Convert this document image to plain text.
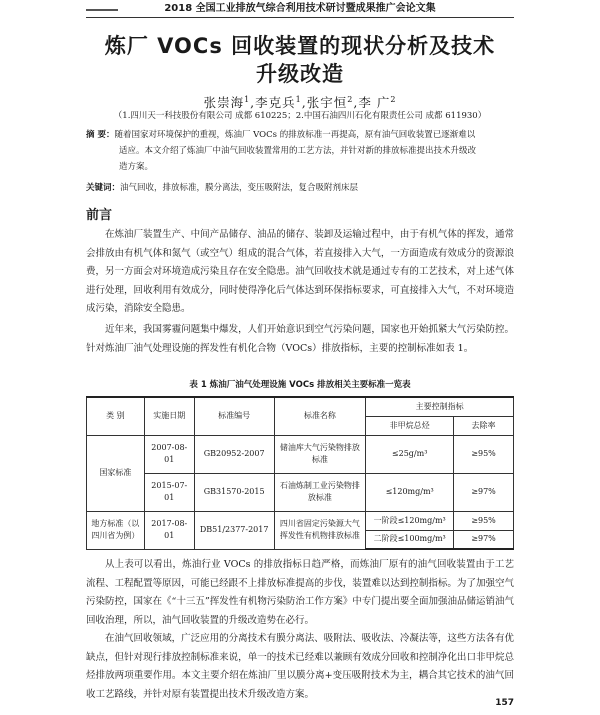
2018 全国工业排放气综合利用技术研讨暨成果推广会论文集
炼厂 VOCs 回收装置的现状分析及技术
升级改造
张崇海$^1$,李克兵$^1$,张宇恒$^2$,李 广$^2$
（1.四川天一科技股份有限公司 成都 610225；2.中国石油四川石化有限责任公司 成都 611930）
摘 要：随着国家对环境保护的重视，炼油厂 VOCs 的排放标准一再提高，原有油气回收装置已逐渐难以
适应。本文介绍了炼油厂中油气回收装置常用的工艺方法，并针对新的排放标准提出技术升级改
造方案。
关键词：油气回收，排放标准，膜分离法，变压吸附法，复合吸附剂床层
前言

在炼油厂装置生产、中间产品储存、油品的储存、装卸及运输过程中，由于有机气体的挥发，通常会排放由有机气体和氮气（或空气）组成的混合气体，若直接排入大气，一方面造成有效成分的资源浪费，另一方面会对环境造成污染且存在安全隐患。油气回收技术就是通过专有的工艺技术，对上述气体进行处理，回收利用有效成分，同时使得净化后气体达到环保指标要求，可直接排入大气，不对环境造成污染，消除安全隐患。

近年来，我国雾霾问题集中爆发，人们开始意识到空气污染问题，国家也开始抓紧大气污染防控。针对炼油厂油气处理设施的挥发性有机化合物（VOCs）排放指标，主要的控制标准如表 1。

表 1 炼油厂油气处理设施 VOCs 排放相关主要标准一览表
类 别	实施日期	标准编号	标准名称	主要控制指标	
				非甲烷总烃	去除率
国家标准	2007-08-01	GB20952-2007	储油库大气污染物排放标准	≤25g/m³	≥95%
	2015-07-01	GB31570-2015	石油炼制工业污染物排放标准	≤120mg/m³	≥97%
地方标准（以四川省为例）	2017-08-01	DB51/2377-2017	四川省固定污染源大气挥发性有机物排放标准	一阶段≤120mg/m³	≥95%
				二阶段≤100mg/m³	≥97%

从上表可以看出，炼油行业 VOCs 的排放指标日趋严格，而炼油厂原有的油气回收装置由于工艺流程、工程配置等原因，可能已经跟不上排放标准提高的步伐，装置难以达到控制指标。为了加强空气污染防控，国家在《“十三五”挥发性有机物污染防治工作方案》中专门提出要全面加强油品储运销油气回收治理，所以，油气回收装置的升级改造势在必行。

在油气回收领域，广泛应用的分离技术有膜分离法、吸附法、吸收法、冷凝法等，这些方法各有优缺点，但针对现行排放控制标准来说，单一的技术已经难以兼顾有效成分回收和控制净化出口非甲烷总烃排放两项重要作用。本文主要介绍在炼油厂里以膜分离+变压吸附技术为主，耦合其它技术的油气回收工艺路线，并针对原有装置提出技术升级改造方案。

157
